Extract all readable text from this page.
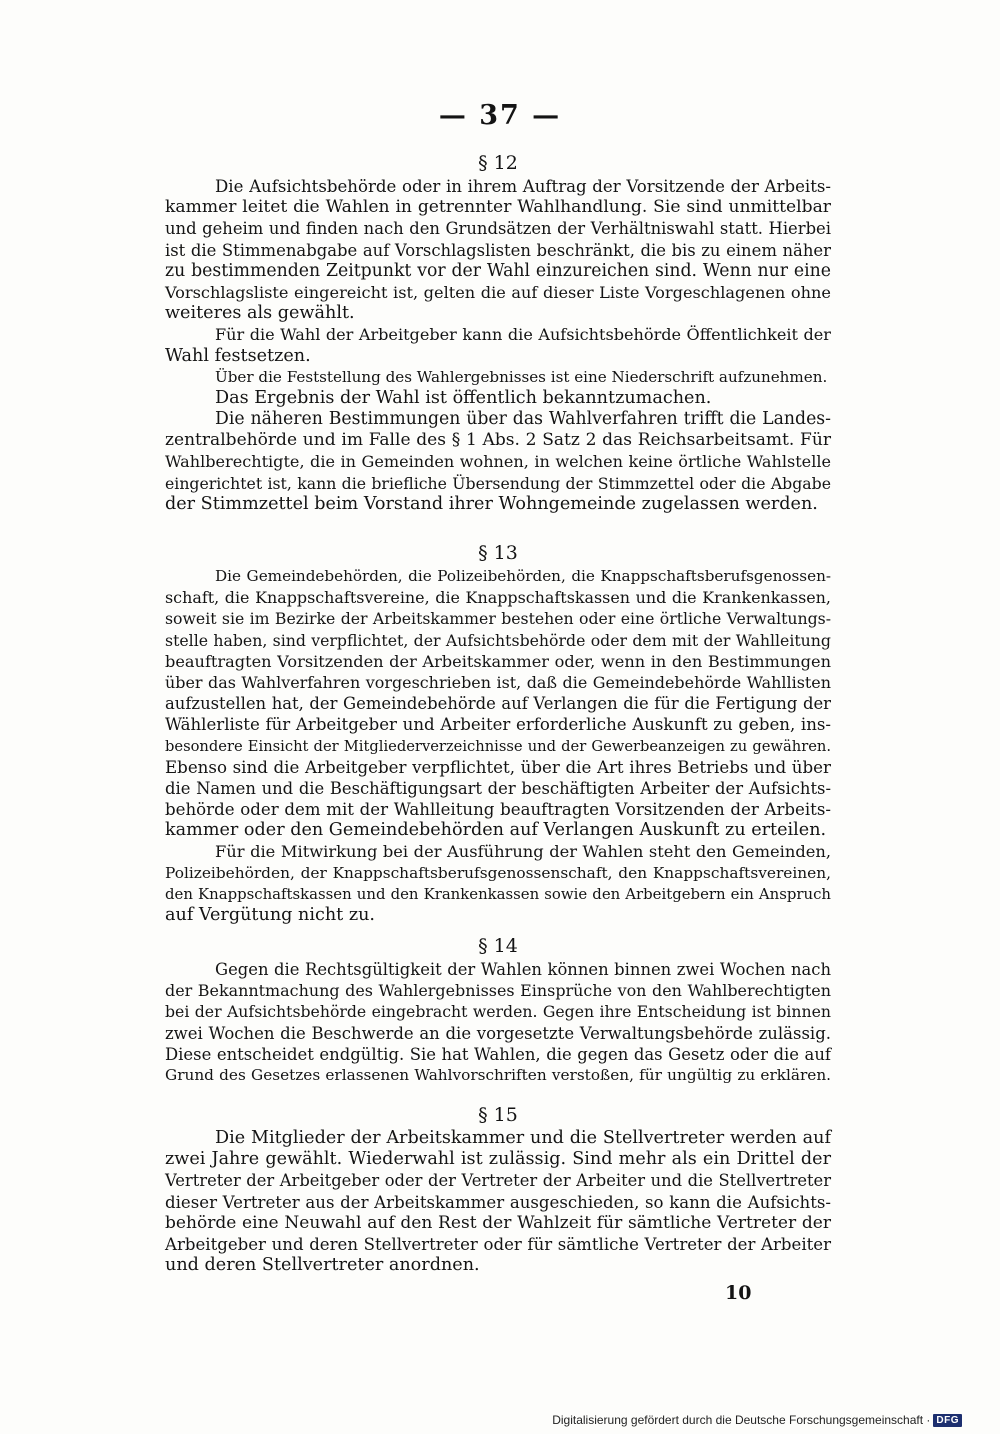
— 37 —
§ 12
Die Aufsichtsbehörde oder in ihrem Auftrag der Vorsitzende der Arbeits-
kammer leitet die Wahlen in getrennter Wahlhandlung. Sie sind unmittelbar
und geheim und finden nach den Grundsätzen der Verhältniswahl statt. Hierbei
ist die Stimmenabgabe auf Vorschlagslisten beschränkt, die bis zu einem näher
zu bestimmenden Zeitpunkt vor der Wahl einzureichen sind. Wenn nur eine
Vorschlagsliste eingereicht ist, gelten die auf dieser Liste Vorgeschlagenen ohne
weiteres als gewählt.
Für die Wahl der Arbeitgeber kann die Aufsichtsbehörde Öffentlichkeit der
Wahl festsetzen.
Über die Feststellung des Wahlergebnisses ist eine Niederschrift aufzunehmen.
Das Ergebnis der Wahl ist öffentlich bekanntzumachen.
Die näheren Bestimmungen über das Wahlverfahren trifft die Landes-
zentralbehörde und im Falle des § 1 Abs. 2 Satz 2 das Reichsarbeitsamt. Für
Wahlberechtigte, die in Gemeinden wohnen, in welchen keine örtliche Wahlstelle
eingerichtet ist, kann die briefliche Übersendung der Stimmzettel oder die Abgabe
der Stimmzettel beim Vorstand ihrer Wohngemeinde zugelassen werden.
§ 13
Die Gemeindebehörden, die Polizeibehörden, die Knappschaftsberufsgenossen-
schaft, die Knappschaftsvereine, die Knappschaftskassen und die Krankenkassen,
soweit sie im Bezirke der Arbeitskammer bestehen oder eine örtliche Verwaltungs-
stelle haben, sind verpflichtet, der Aufsichtsbehörde oder dem mit der Wahlleitung
beauftragten Vorsitzenden der Arbeitskammer oder, wenn in den Bestimmungen
über das Wahlverfahren vorgeschrieben ist, daß die Gemeindebehörde Wahllisten
aufzustellen hat, der Gemeindebehörde auf Verlangen die für die Fertigung der
Wählerliste für Arbeitgeber und Arbeiter erforderliche Auskunft zu geben, ins-
besondere Einsicht der Mitgliederverzeichnisse und der Gewerbeanzeigen zu gewähren.
Ebenso sind die Arbeitgeber verpflichtet, über die Art ihres Betriebs und über
die Namen und die Beschäftigungsart der beschäftigten Arbeiter der Aufsichts-
behörde oder dem mit der Wahlleitung beauftragten Vorsitzenden der Arbeits-
kammer oder den Gemeindebehörden auf Verlangen Auskunft zu erteilen.
Für die Mitwirkung bei der Ausführung der Wahlen steht den Gemeinden,
Polizeibehörden, der Knappschaftsberufsgenossenschaft, den Knappschaftsvereinen,
den Knappschaftskassen und den Krankenkassen sowie den Arbeitgebern ein Anspruch
auf Vergütung nicht zu.
§ 14
Gegen die Rechtsgültigkeit der Wahlen können binnen zwei Wochen nach
der Bekanntmachung des Wahlergebnisses Einsprüche von den Wahlberechtigten
bei der Aufsichtsbehörde eingebracht werden. Gegen ihre Entscheidung ist binnen
zwei Wochen die Beschwerde an die vorgesetzte Verwaltungsbehörde zulässig.
Diese entscheidet endgültig. Sie hat Wahlen, die gegen das Gesetz oder die auf
Grund des Gesetzes erlassenen Wahlvorschriften verstoßen, für ungültig zu erklären.
§ 15
Die Mitglieder der Arbeitskammer und die Stellvertreter werden auf
zwei Jahre gewählt. Wiederwahl ist zulässig. Sind mehr als ein Drittel der
Vertreter der Arbeitgeber oder der Vertreter der Arbeiter und die Stellvertreter
dieser Vertreter aus der Arbeitskammer ausgeschieden, so kann die Aufsichts-
behörde eine Neuwahl auf den Rest der Wahlzeit für sämtliche Vertreter der
Arbeitgeber und deren Stellvertreter oder für sämtliche Vertreter der Arbeiter
und deren Stellvertreter anordnen.
10
Digitalisierung gefördert durch die Deutsche Forschungsgemeinschaft · DFG
